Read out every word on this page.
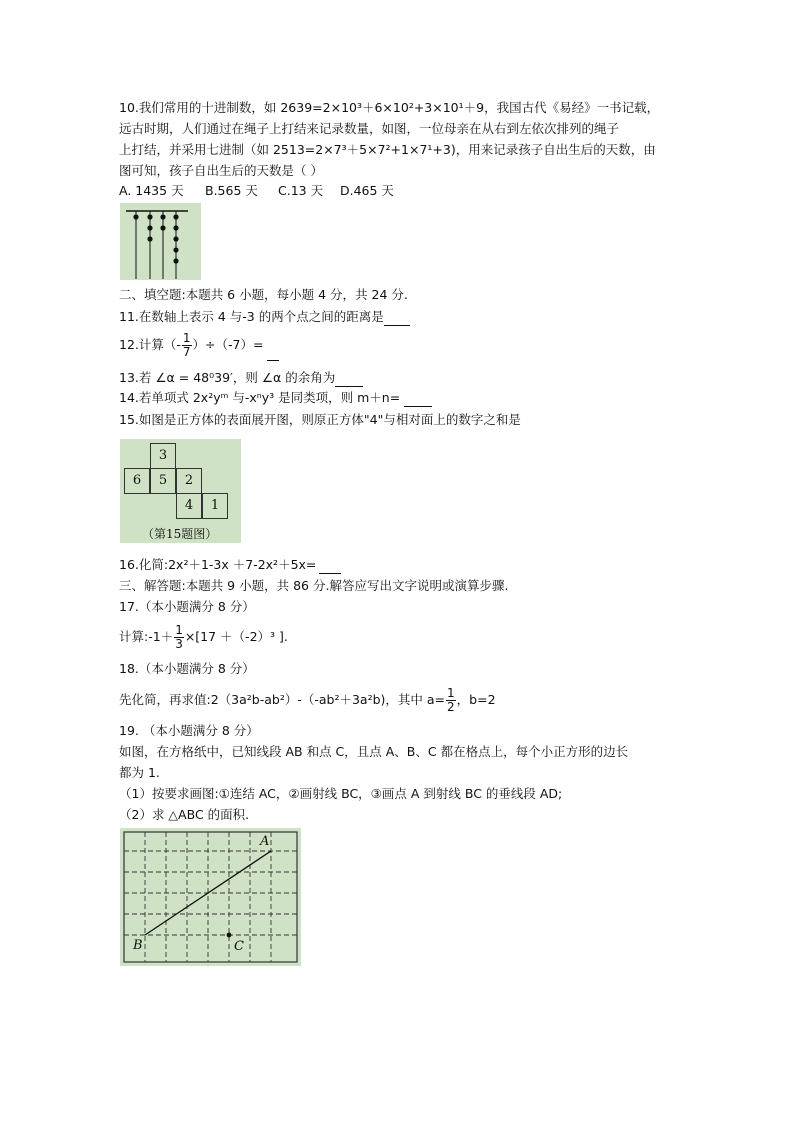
10.我们常用的十进制数，如 2639=2×10³＋6×10²+3×10¹＋9，我国古代《易经》一书记载，
远古时期，人们通过在绳子上打结来记录数量，如图，一位母亲在从右到左依次排列的绳子
上打结，并采用七进制（如 2513=2×7³＋5×7²+1×7¹+3)，用来记录孩子自出生后的天数，由
图可知，孩子自出生后的天数是（ ）
A. 1435 天 B.565 天 C.13 天 D.465 天
二、填空题:本题共 6 小题，每小题 4 分，共 24 分.
11.在数轴上表示 4 与-3 的两个点之间的距离是
12.计算（- $\frac{1}{7} )\div(-7)=$
13.若 ∠α = 48⁰39′，则 ∠α 的余角为
14.若单项式 2x²yᵐ 与-xⁿy³ 是同类项，则 m＋n=
15.如图是正方体的表面展开图，则原正方体"4"与相对面上的数字之和是
3
6	5	2
4	1
（第15题图）
16.化简:2x²＋1-3x ＋7-2x²＋5x=
三、解答题:本题共 9 小题，共 86 分.解答应写出文字说明或演算步骤.
17.（本小题满分 8 分）
计算:-1＋ $\frac{1}{3} \times[17 +(-2)^3$ ].
18.（本小题满分 8 分）
先化简，再求值:2（3a²b-ab²）-（-ab²＋3a²b)，其中 $a= \frac{1}{2}$ ，b=2
19. （本小题满分 8 分）
如图，在方格纸中，已知线段 AB 和点 C，且点 A、B、C 都在格点上，每个小正方形的边长
都为 1.
（1）按要求画图:①连结 AC，②画射线 BC，③画点 A 到射线 BC 的垂线段 AD;
（2）求 △ABC 的面积.
A
B	C
